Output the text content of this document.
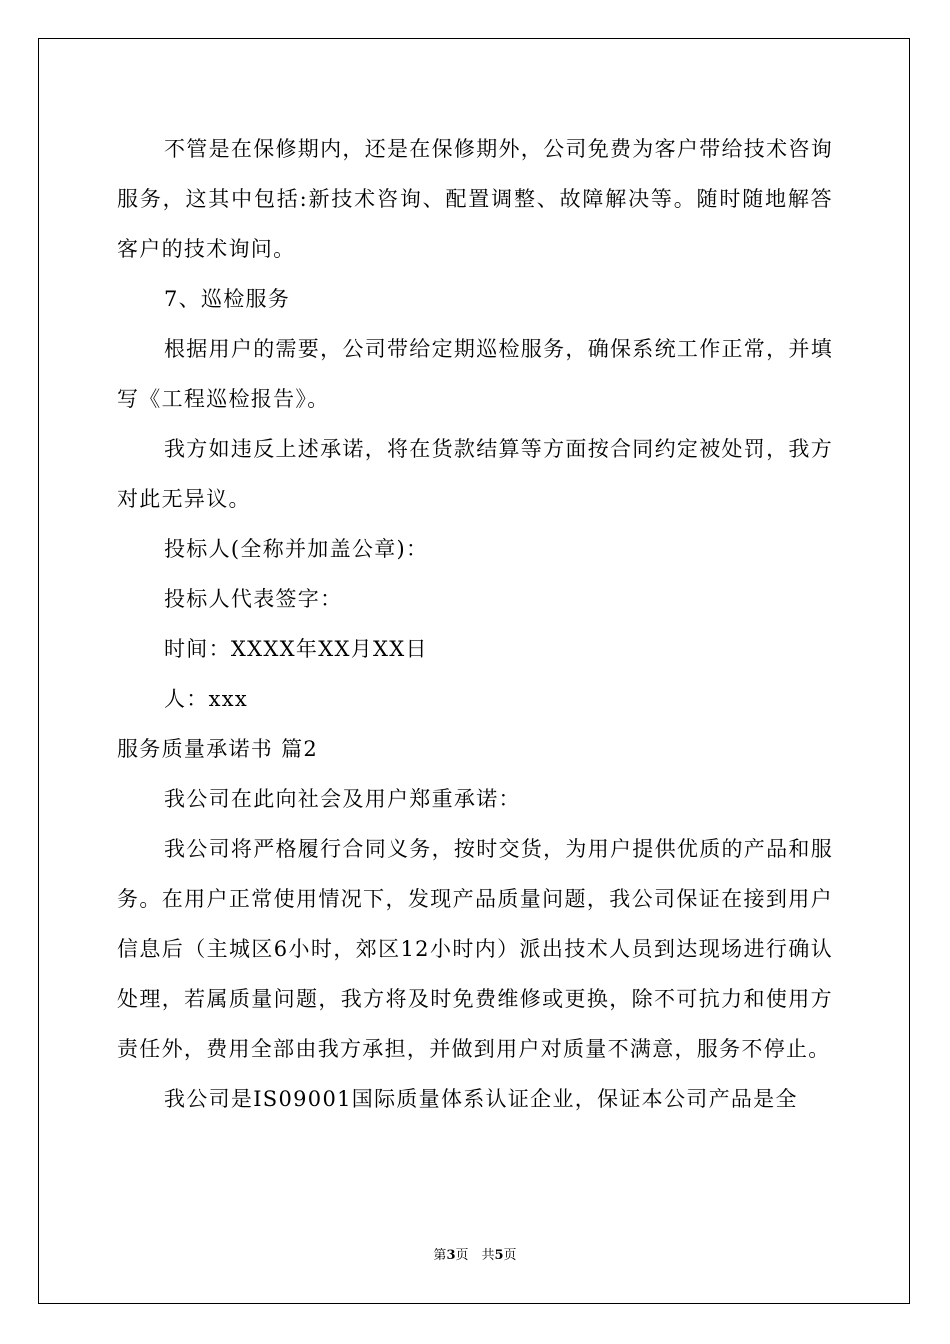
不管是在保修期内，还是在保修期外，公司免费为客户带给技术咨询服务，这其中包括:新技术咨询、配置调整、故障解决等。随时随地解答客户的技术询问。

7、巡检服务

根据用户的需要，公司带给定期巡检服务，确保系统工作正常，并填写《工程巡检报告》。

我方如违反上述承诺，将在货款结算等方面按合同约定被处罚，我方对此无异议。

投标人(全称并加盖公章)：

投标人代表签字：

时间：XXXX年XX月XX日

人：xxx

服务质量承诺书 篇2

我公司在此向社会及用户郑重承诺：

我公司将严格履行合同义务，按时交货，为用户提供优质的产品和服务。在用户正常使用情况下，发现产品质量问题，我公司保证在接到用户信息后（主城区6小时，郊区12小时内）派出技术人员到达现场进行确认处理，若属质量问题，我方将及时免费维修或更换，除不可抗力和使用方责任外，费用全部由我方承担，并做到用户对质量不满意，服务不停止。

我公司是IS09001国际质量体系认证企业，保证本公司产品是全

第3页　共5页
